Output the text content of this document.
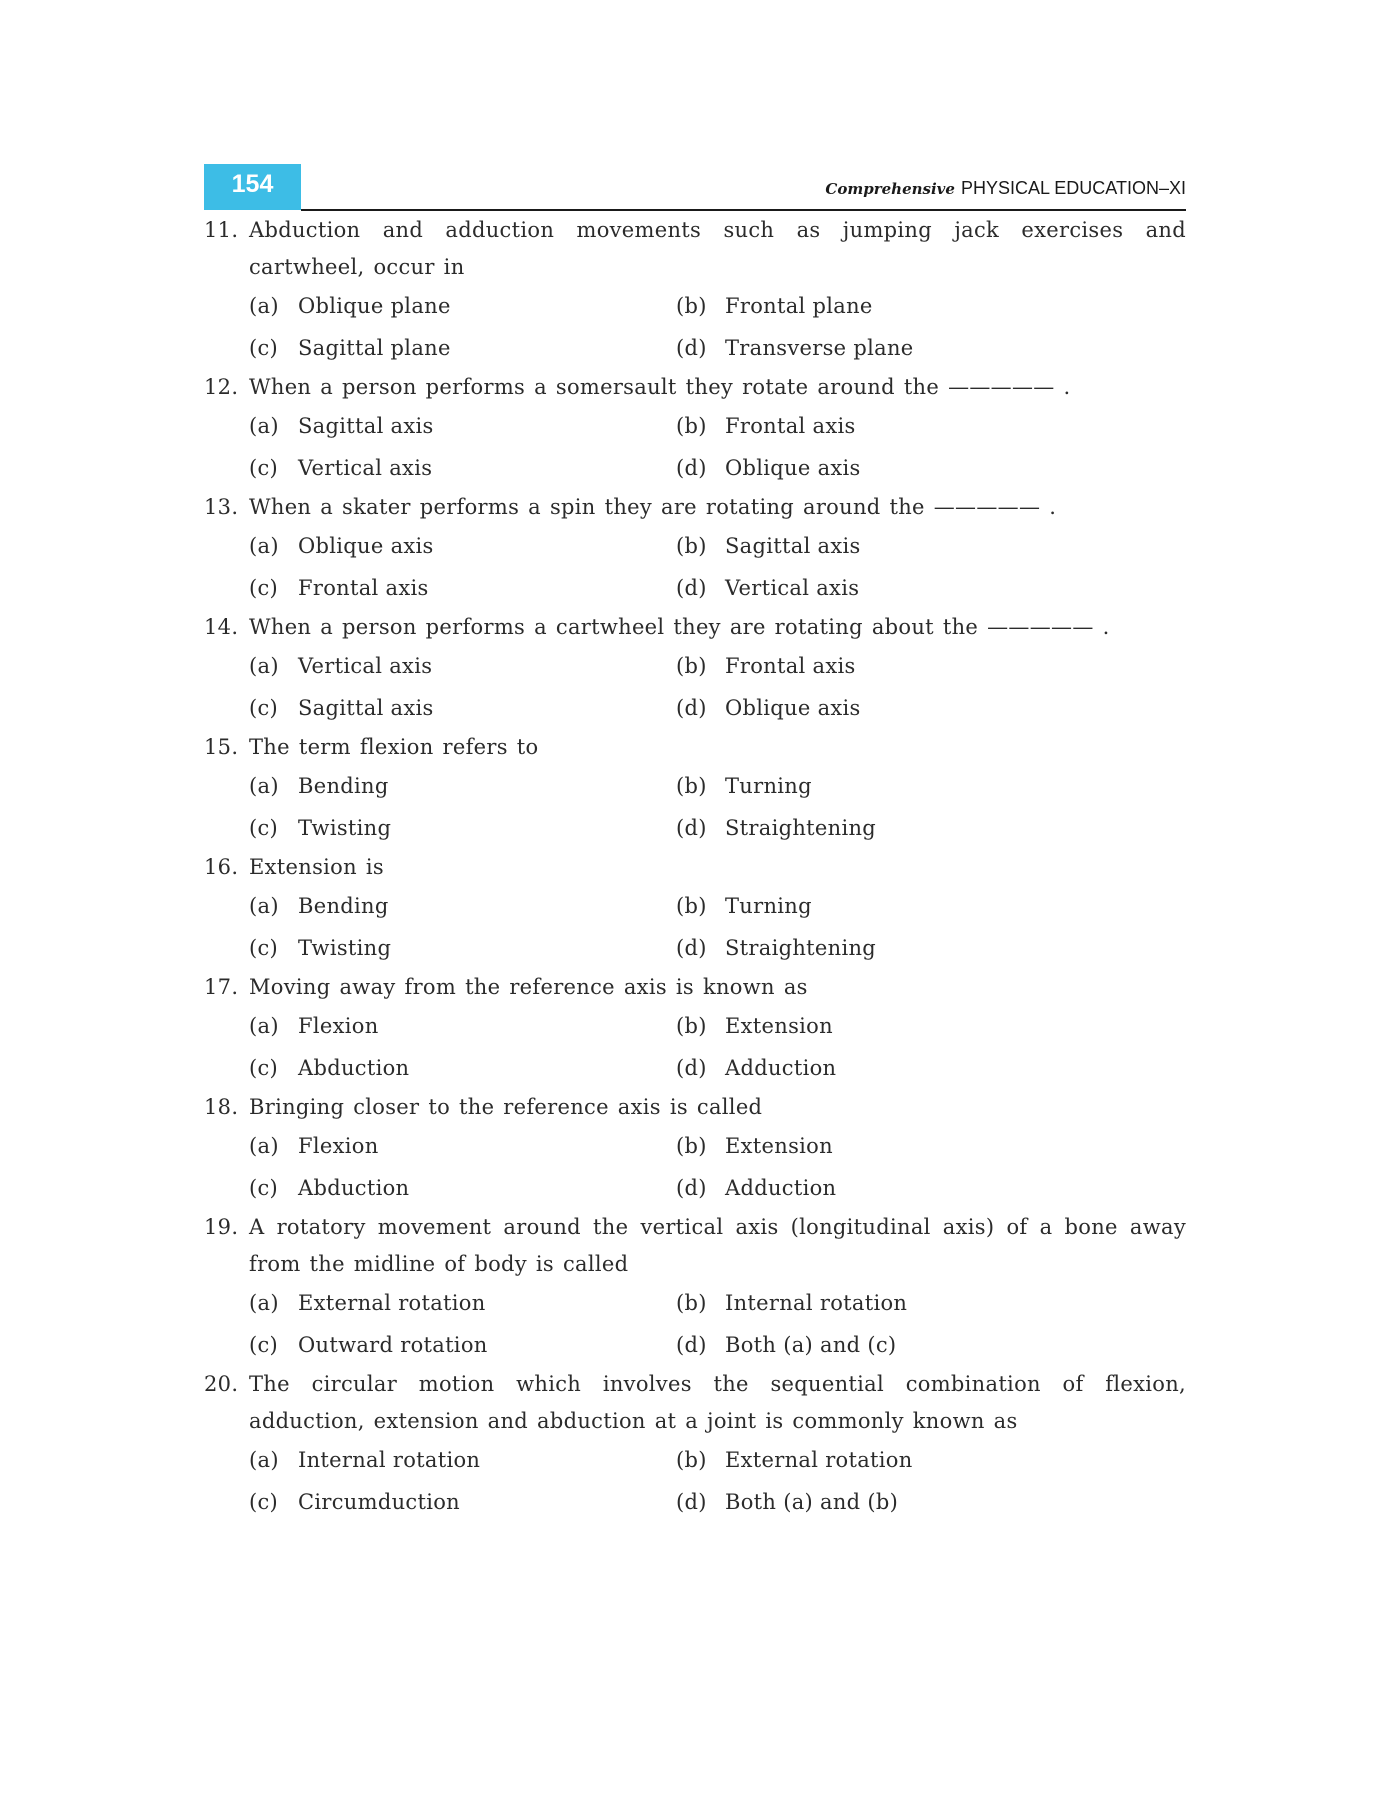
154	Comprehensive PHYSICAL EDUCATION–XI
11. Abduction and adduction movements such as jumping jack exercises and cartwheel, occur in
(a) Oblique plane	(b) Frontal plane
(c) Sagittal plane	(d) Transverse plane
12. When a person performs a somersault they rotate around the ————— .
(a) Sagittal axis	(b) Frontal axis
(c) Vertical axis	(d) Oblique axis
13. When a skater performs a spin they are rotating around the ————— .
(a) Oblique axis	(b) Sagittal axis
(c) Frontal axis	(d) Vertical axis
14. When a person performs a cartwheel they are rotating about the ————— .
(a) Vertical axis	(b) Frontal axis
(c) Sagittal axis	(d) Oblique axis
15. The term flexion refers to
(a) Bending	(b) Turning
(c) Twisting	(d) Straightening
16. Extension is
(a) Bending	(b) Turning
(c) Twisting	(d) Straightening
17. Moving away from the reference axis is known as
(a) Flexion	(b) Extension
(c) Abduction	(d) Adduction
18. Bringing closer to the reference axis is called
(a) Flexion	(b) Extension
(c) Abduction	(d) Adduction
19. A rotatory movement around the vertical axis (longitudinal axis) of a bone away from the midline of body is called
(a) External rotation	(b) Internal rotation
(c) Outward rotation	(d) Both (a) and (c)
20. The circular motion which involves the sequential combination of flexion, adduction, extension and abduction at a joint is commonly known as
(a) Internal rotation	(b) External rotation
(c) Circumduction	(d) Both (a) and (b)
